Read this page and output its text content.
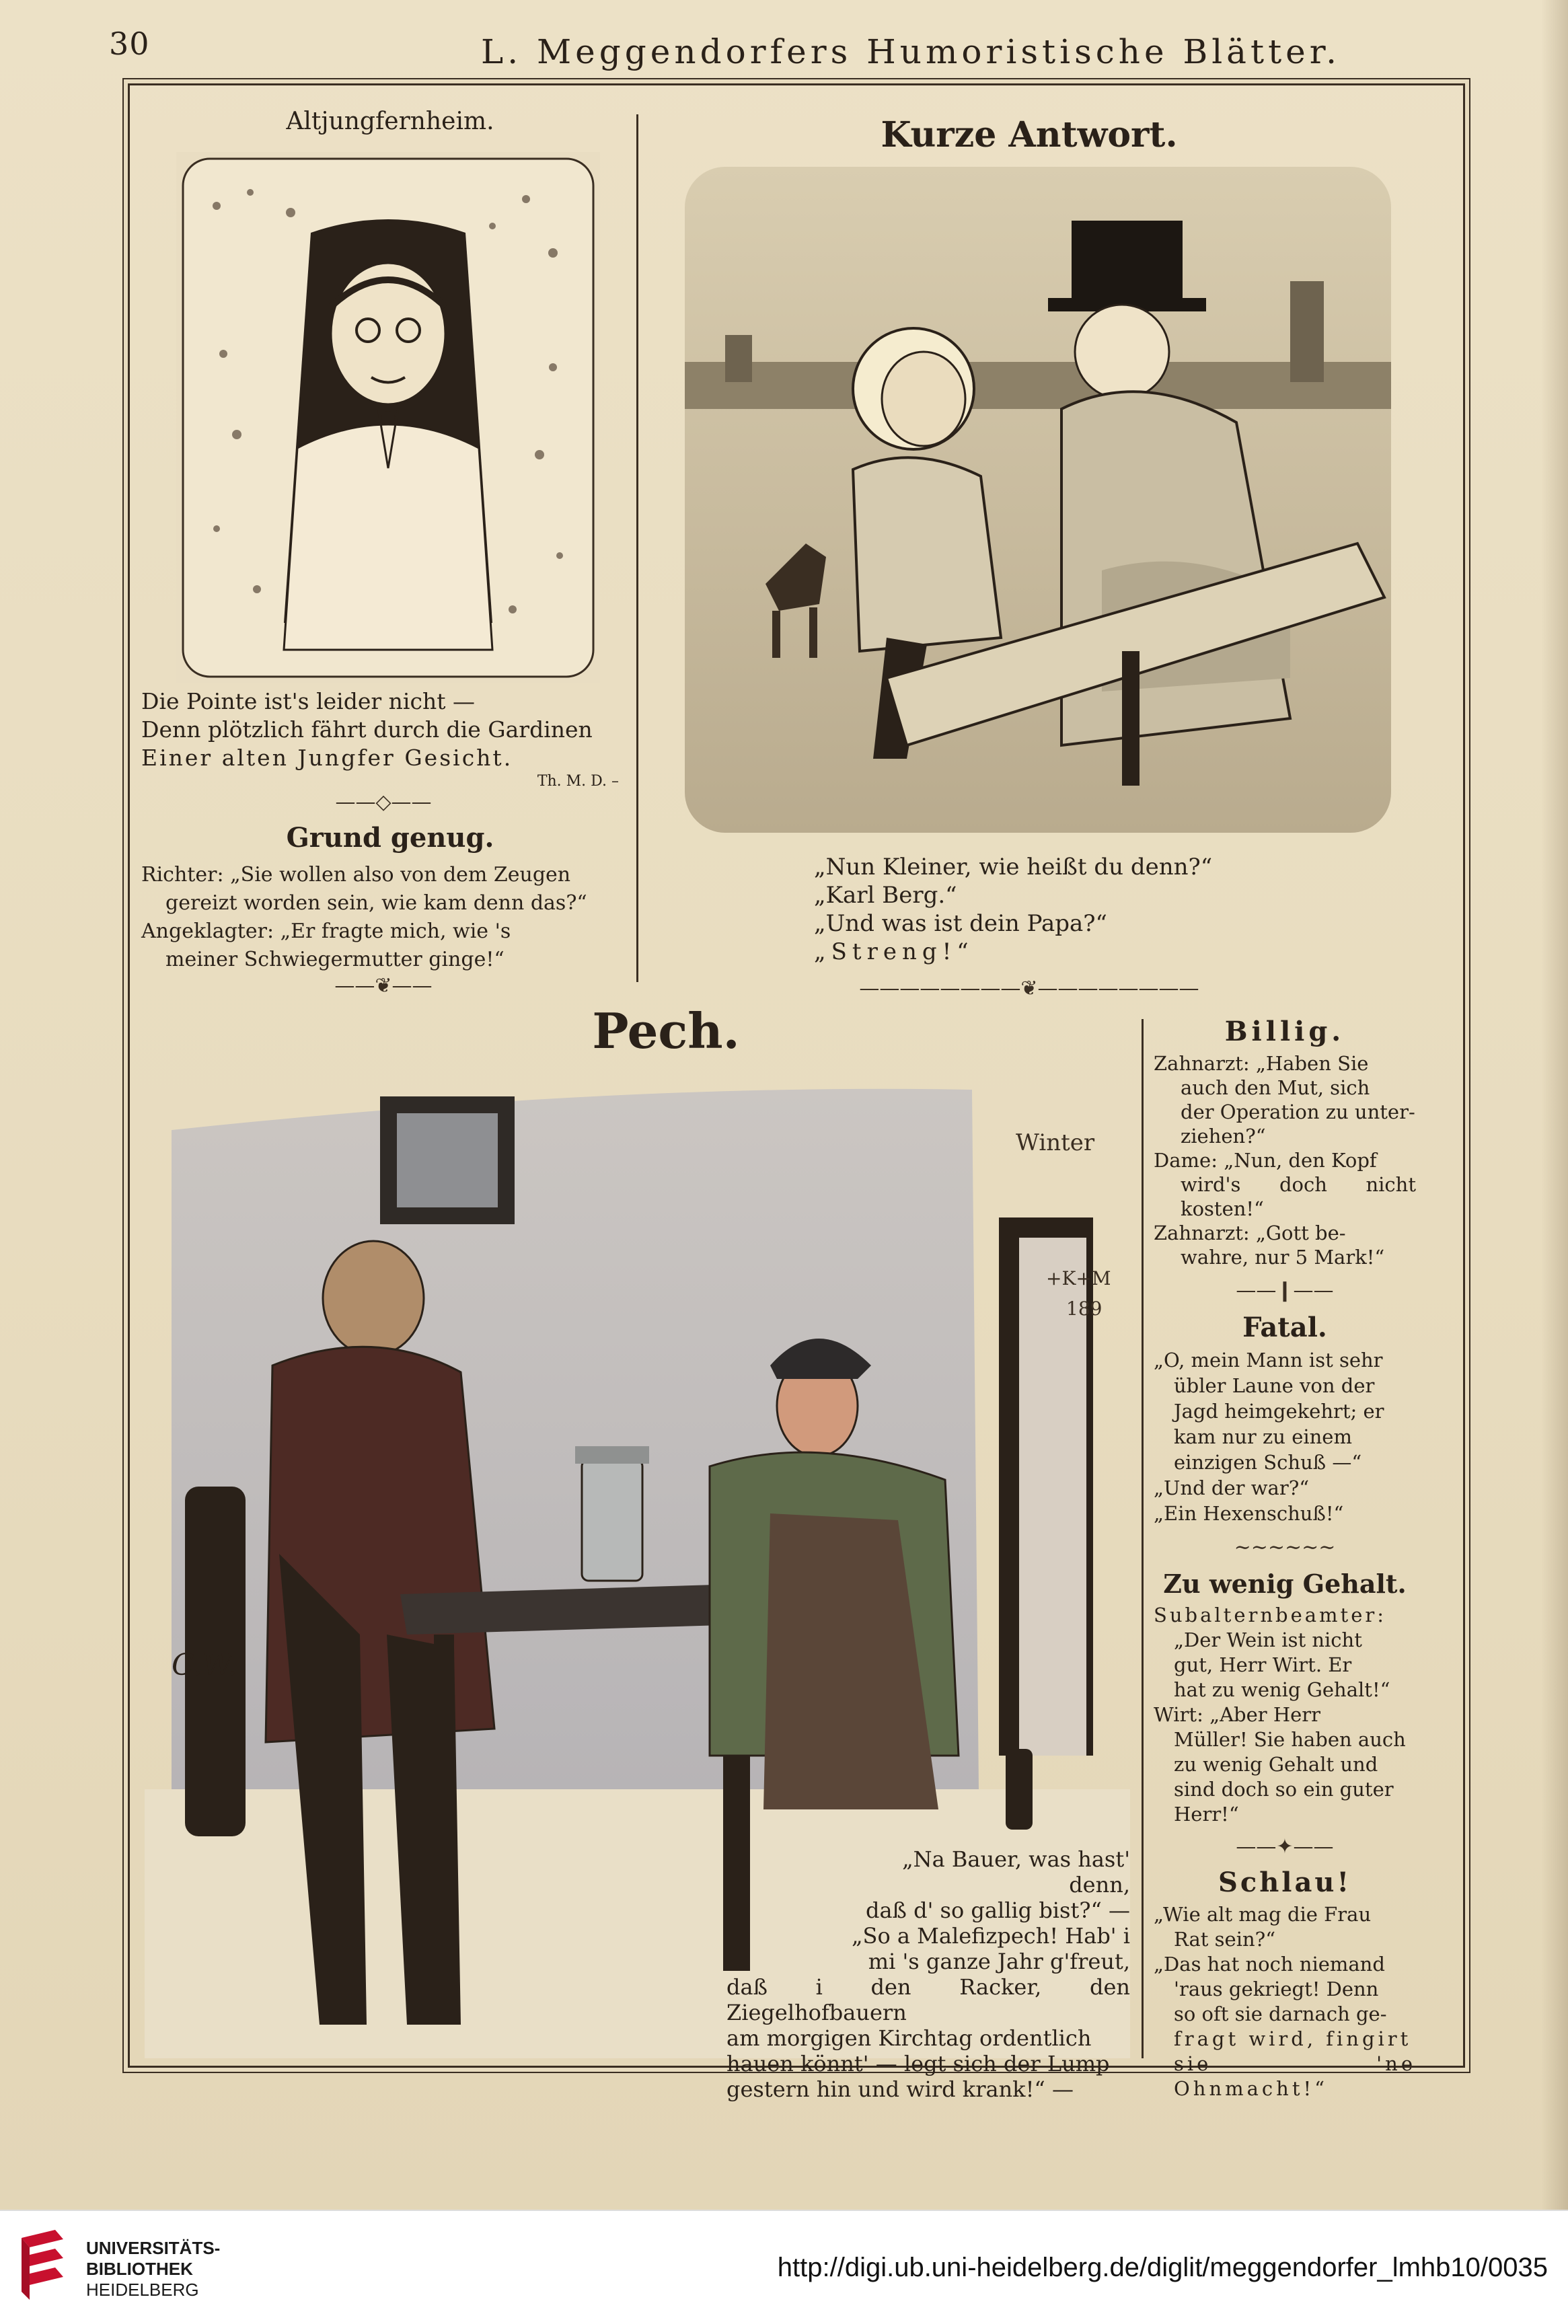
30	L. Meggendorfers Humoristische Blätter.
Altjungfernheim.

Die Pointe ist's leider nicht —

Denn plötzlich fährt durch die Gardinen

Einer alten Jungfer Gesicht.

Th. M. D. –

——◇——
Grund genug.

Richter: „Sie wollen also von dem Zeugen

gereizt worden sein, wie kam denn das?“

Angeklagter: „Er fragte mich, wie 's

meiner Schwiegermutter ginge!“

——❦——
Kurze Antwort.

„Nun Kleiner, wie heißt du denn?“

„Karl Berg.“

„Und was ist dein Papa?“

„Streng!“

————————❦————————
Pech.
Winter
+K+M
189
C.W.

„Na Bauer, was hast' denn,

daß d' so gallig bist?“ —

„So a Malefizpech! Hab' i

mi 's ganze Jahr g'freut,

daß i den Racker, den Ziegelhofbauern

am morgigen Kirchtag ordentlich

hauen könnt' — legt sich der Lump

gestern hin und wird krank!“ —

Billig.

Zahnarzt: „Haben Sie

auch den Mut, sich

der Operation zu unter-

ziehen?“

Dame: „Nun, den Kopf

wird's doch nicht kosten!“

Zahnarzt: „Gott be-

wahre, nur 5 Mark!“

——❙——
Fatal.

„O, mein Mann ist sehr

übler Laune von der

Jagd heimgekehrt; er

kam nur zu einem

einzigen Schuß —“

„Und der war?“

„Ein Hexenschuß!“

∼∼∼∼∼∼
Zu wenig Gehalt.

Subalternbeamter:

„Der Wein ist nicht

gut, Herr Wirt. Er

hat zu wenig Gehalt!“

Wirt: „Aber Herr

Müller! Sie haben auch

zu wenig Gehalt und

sind doch so ein guter

Herr!“

——✦——
Schlau!

„Wie alt mag die Frau

Rat sein?“

„Das hat noch niemand

'raus gekriegt! Denn

so oft sie darnach ge-

fragt wird, fingirt

sie 'ne Ohnmacht!“

UNIVERSITÄTS-
BIBLIOTHEK
HEIDELBERG
http://digi.ub.uni-heidelberg.de/diglit/meggendorfer_lmhb10/0035
